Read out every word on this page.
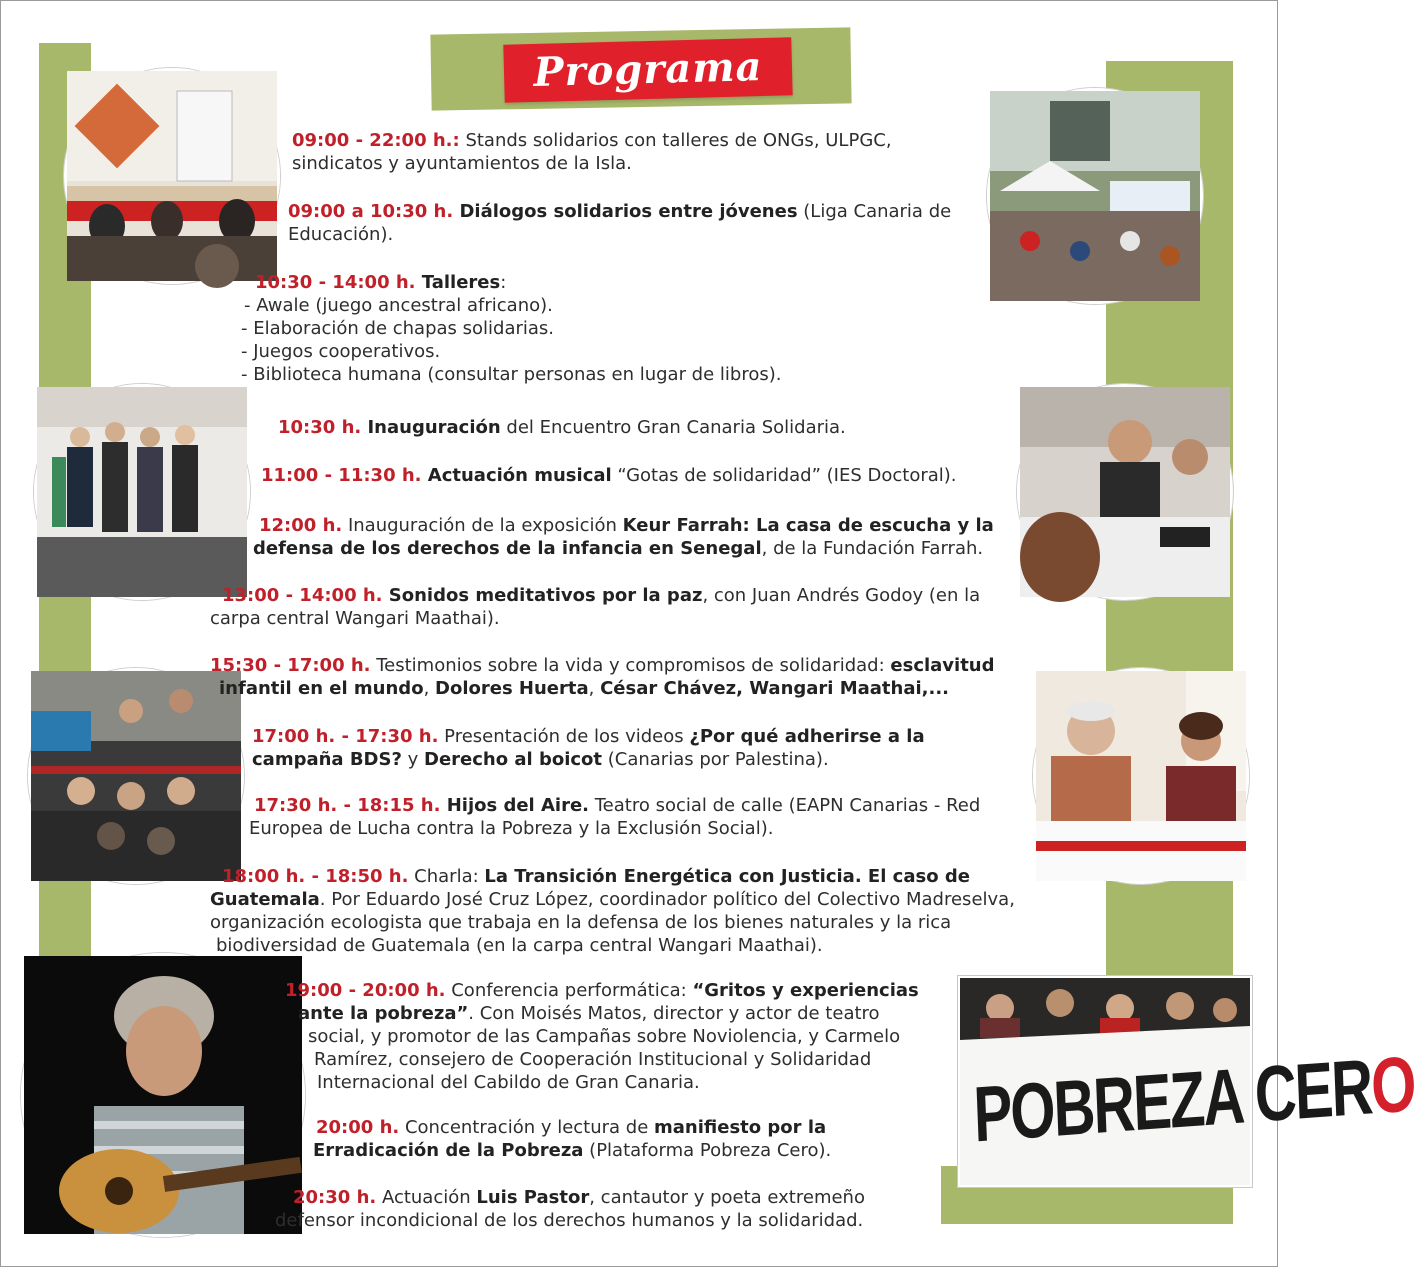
Programa
POBREZA CERO
09:00 - 22:00 h.: Stands solidarios con talleres de ONGs, ULPGC,
sindicatos y ayuntamientos de la Isla.
09:00 a 10:30 h. Diálogos solidarios entre jóvenes (Liga Canaria de
Educación).
10:30 - 14:00 h. Talleres:
- Awale (juego ancestral africano).
- Elaboración de chapas solidarias.
- Juegos cooperativos.
- Biblioteca humana (consultar personas en lugar de libros).
10:30 h. Inauguración del Encuentro Gran Canaria Solidaria.
11:00 - 11:30 h. Actuación musical “Gotas de solidaridad” (IES Doctoral).
12:00 h. Inauguración de la exposición Keur Farrah: La casa de escucha y la
defensa de los derechos de la infancia en Senegal, de la Fundación Farrah.
13:00 - 14:00 h. Sonidos meditativos por la paz, con Juan Andrés Godoy (en la
carpa central Wangari Maathai).
15:30 - 17:00 h. Testimonios sobre la vida y compromisos de solidaridad: esclavitud
infantil en el mundo, Dolores Huerta, César Chávez, Wangari Maathai,...
17:00 h. - 17:30 h. Presentación de los videos ¿Por qué adherirse a la
campaña BDS? y Derecho al boicot (Canarias por Palestina).
17:30 h. - 18:15 h. Hijos del Aire. Teatro social de calle (EAPN Canarias - Red
Europea de Lucha contra la Pobreza y la Exclusión Social).
18:00 h. - 18:50 h. Charla: La Transición Energética con Justicia. El caso de
Guatemala. Por Eduardo José Cruz López, coordinador político del Colectivo Madreselva,
organización ecologista que trabaja en la defensa de los bienes naturales y la rica
biodiversidad de Guatemala (en la carpa central Wangari Maathai).
19:00 - 20:00 h. Conferencia performática: “Gritos y experiencias
ante la pobreza”. Con Moisés Matos, director y actor de teatro
social, y promotor de las Campañas sobre Noviolencia, y Carmelo
Ramírez, consejero de Cooperación Institucional y Solidaridad
Internacional del Cabildo de Gran Canaria.
20:00 h. Concentración y lectura de manifiesto por la
Erradicación de la Pobreza (Plataforma Pobreza Cero).
20:30 h. Actuación Luis Pastor, cantautor y poeta extremeño
defensor incondicional de los derechos humanos y la solidaridad.
